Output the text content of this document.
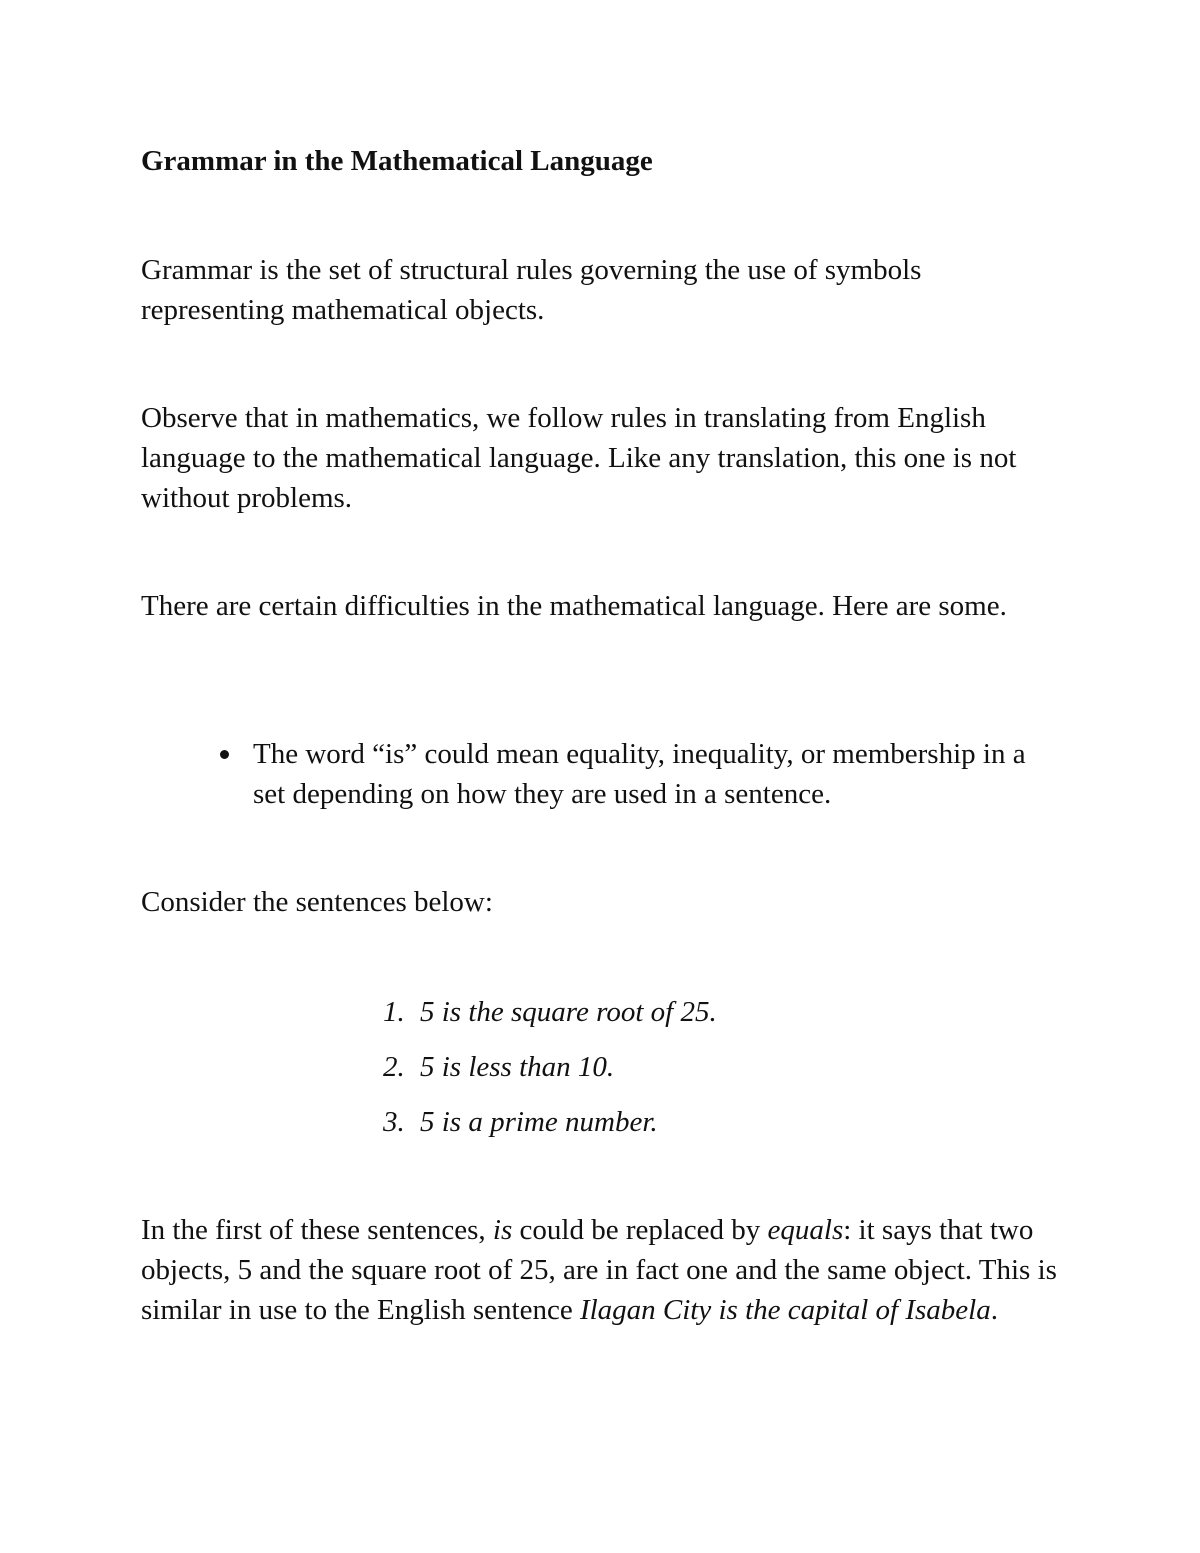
Grammar in the Mathematical Language

Grammar is the set of structural rules governing the use of symbols representing mathematical objects.

Observe that in mathematics, we follow rules in translating from English language to the mathematical language. Like any translation, this one is not without problems.

There are certain difficulties in the mathematical language. Here are some.

The word “is” could mean equality, inequality, or membership in a set depending on how they are used in a sentence.

Consider the sentences below:

1. 5 is the square root of 25.
2. 5 is less than 10.
3. 5 is a prime number.

In the first of these sentences, is could be replaced by equals: it says that two objects, 5 and the square root of 25, are in fact one and the same object. This is similar in use to the English sentence Ilagan City is the capital of Isabela.
